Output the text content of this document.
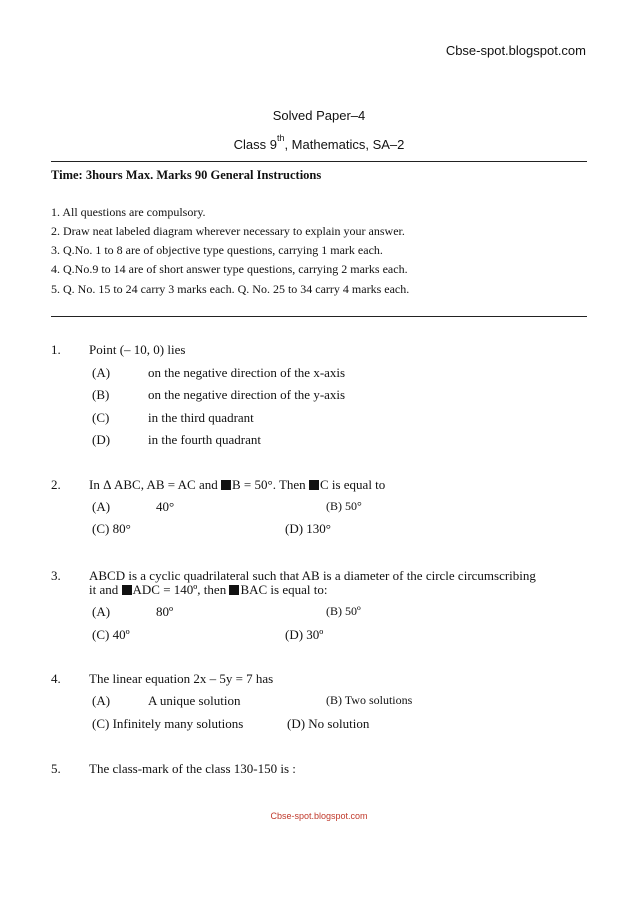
Cbse-spot.blogspot.com
Solved Paper–4
Class 9th, Mathematics, SA–2
Time: 3hours Max. Marks 90 General Instructions
1. All questions are compulsory.
2. Draw neat labeled diagram wherever necessary to explain your answer.
3. Q.No. 1 to 8 are of objective type questions, carrying 1 mark each.
4. Q.No.9 to 14 are of short answer type questions, carrying 2 marks each.
5. Q. No. 15 to 24 carry 3 marks each. Q. No. 25 to 34 carry 4 marks each.
1. Point (– 10, 0) lies
(A)	on the negative direction of the x-axis
(B)	on the negative direction of the y-axis
(C)	in the third quadrant
(D)	in the fourth quadrant
2. In Δ ABC, AB = AC and B = 50°. Then C is equal to
(A)	40°	(B) 50°
(C) 80°	(D) 130°
3. ABCD is a cyclic quadrilateral such that AB is a diameter of the circle circumscribing
it and ADC = 140º, then BAC is equal to:
(A)	80º	(B) 50º
(C) 40º	(D) 30º
4. The linear equation 2x – 5y = 7 has
(A)	A unique solution	(B) Two solutions
(C) Infinitely many solutions	(D) No solution
5. The class-mark of the class 130-150 is :
Cbse-spot.blogspot.com
